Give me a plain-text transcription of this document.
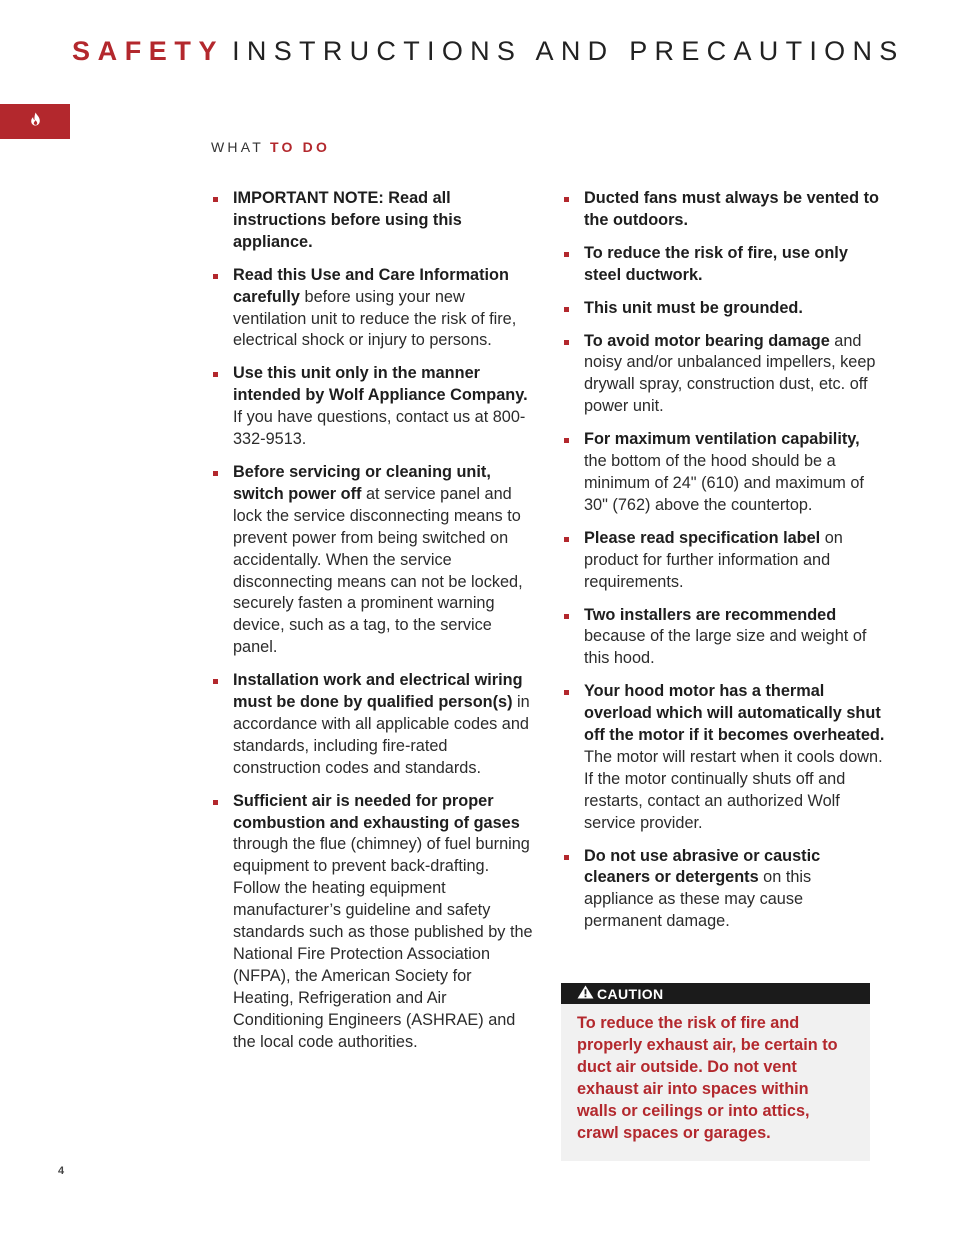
SAFETY INSTRUCTIONS AND PRECAUTIONS
WHAT TO DO
IMPORTANT NOTE: Read all instructions before using this appliance.
Read this Use and Care Information carefully before using your new ventilation unit to reduce the risk of fire, electrical shock or injury to persons.
Use this unit only in the manner intended by Wolf Appliance Company. If you have questions, contact us at 800-332-9513.
Before servicing or cleaning unit, switch power off at service panel and lock the service disconnecting means to prevent power from being switched on accidentally. When the service disconnecting means can not be locked, securely fasten a prominent warning device, such as a tag, to the service panel.
Installation work and electrical wiring must be done by qualified person(s) in accordance with all applicable codes and standards, including fire-rated construction codes and standards.
Sufficient air is needed for proper combustion and exhausting of gases through the flue (chimney) of fuel burning equipment to prevent back-drafting. Follow the heating equipment manufacturer’s guideline and safety standards such as those published by the National Fire Protection Association (NFPA), the American Society for Heating, Refrigeration and Air Conditioning Engineers (ASHRAE) and the local code authorities.
Ducted fans must always be vented to the outdoors.
To reduce the risk of fire, use only steel ductwork.
This unit must be grounded.
To avoid motor bearing damage and noisy and/or unbalanced impellers, keep drywall spray, construction dust, etc. off power unit.
For maximum ventilation capability, the bottom of the hood should be a minimum of 24" (610) and maximum of 30" (762) above the countertop.
Please read specification label on product for further information and requirements.
Two installers are recommended because of the large size and weight of this hood.
Your hood motor has a thermal overload which will automatically shut off the motor if it becomes overheated. The motor will restart when it cools down. If the motor continually shuts off and restarts, contact an authorized Wolf service provider.
Do not use abrasive or caustic cleaners or detergents on this appliance as these may cause permanent damage.
CAUTION

To reduce the risk of fire and properly exhaust air, be certain to duct air outside. Do not vent exhaust air into spaces within walls or ceilings or into attics, crawl spaces or garages.

4
